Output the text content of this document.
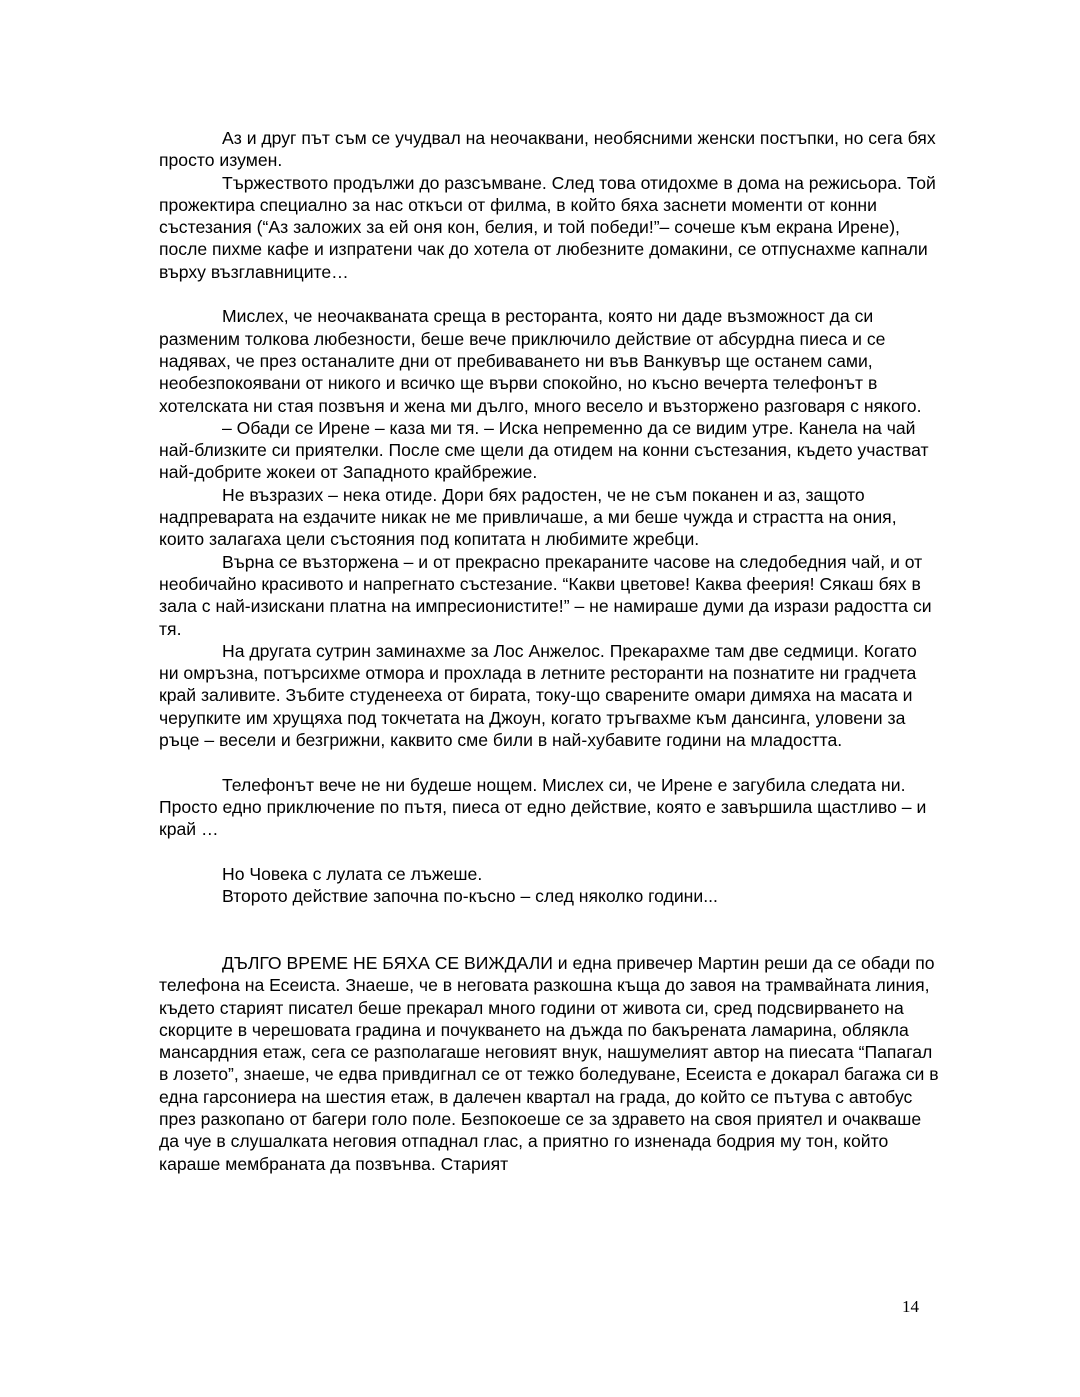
Аз и друг път съм се учудвал на неочаквани, необясними женски постъпки, но сега бях просто изумен.

Тържеството продължи до разсъмване. След това отидохме в дома на режисьора. Той прожектира специално за нас откъси от филма, в който бяха заснети моменти от конни състезания (“Аз заложих за ей оня кон, белия, и той победи!”– сочеше към екрана Ирене), после пихме кафе и изпратени чак до хотела от любезните домакини, се отпуснахме капнали върху възглавниците…

Мислех, че неочакваната среща в ресторанта, която ни даде възможност да си разменим толкова любезности, беше вече приключило действие от абсурдна пиеса и се надявах, че през останалите дни от пребиваването ни във Ванкувър ще останем сами, необезпокоявани от никого и всичко ще върви спокойно, но късно вечерта телефонът в хотелската ни стая позвъня и жена ми дълго, много весело и възторжено разговаря с някого.

– Обади се Ирене – каза ми тя. – Иска непременно да се видим утре. Канела на чай най-близките си приятелки. После сме щели да отидем на конни състезания, където участват най-добрите жокеи от Западното крайбрежие.

Не възразих – нека отиде. Дори бях радостен, че не съм поканен и аз, защото надпреварата на ездачите никак не ме привличаше, а ми беше чужда и страстта на ония, които залагаха цели състояния под копитата н любимите жребци.

Върна се възторжена – и от прекрасно прекараните часове на следобедния чай, и от необичайно красивото и напрегнато състезание. “Какви цветове! Каква феерия! Сякаш бях в зала с най-изискани платна на импресионистите!” – не намираше думи да изрази радостта си тя.

На другата сутрин заминахме за Лос Анжелос. Прекарахме там две седмици. Когато ни омръзна, потърсихме отмора и прохлада в летните ресторанти на познатите ни градчета край заливите. Зъбите студенееха от бирата, току-що сварените омари димяха на масата и черупките им хрущяха под токчетата на Джоун, когато тръгвахме към дансинга, уловени за ръце – весели и безгрижни, каквито сме били в най-хубавите години на младостта.

Телефонът вече не ни будеше нощем. Мислех си, че Ирене е загубила следата ни. Просто едно приключение по пътя, пиеса от едно действие, която е завършила щастливо – и край …

Но Човека с лулата се лъжеше.

Второто действие започна по-късно – след няколко години...

ДЪЛГО ВРЕМЕ НЕ БЯХА СЕ ВИЖДАЛИ и една привечер Мартин реши да се обади по телефона на Есеиста. Знаеше, че в неговата разкошна къща до завоя на трамвайната линия, където старият писател беше прекарал много години от живота си, сред подсвирването на скорците в черешовата градина и почукването на дъжда по бакърената ламарина, облякла мансардния етаж, сега се разполагаше неговият внук, нашумелият автор на пиесата “Папагал в лозето”, знаеше, че едва привдигнал се от тежко боледуване, Есеиста е докарал багажа си в една гарсониера на шестия етаж, в далечен квартал на града, до който се пътува с автобус през разкопано от багери голо поле. Безпокоеше се за здравето на своя приятел и очакваше да чуе в слушалката неговия отпаднал глас, а приятно го изненада бодрия му тон, който караше мембраната да позвънва. Старият

14
